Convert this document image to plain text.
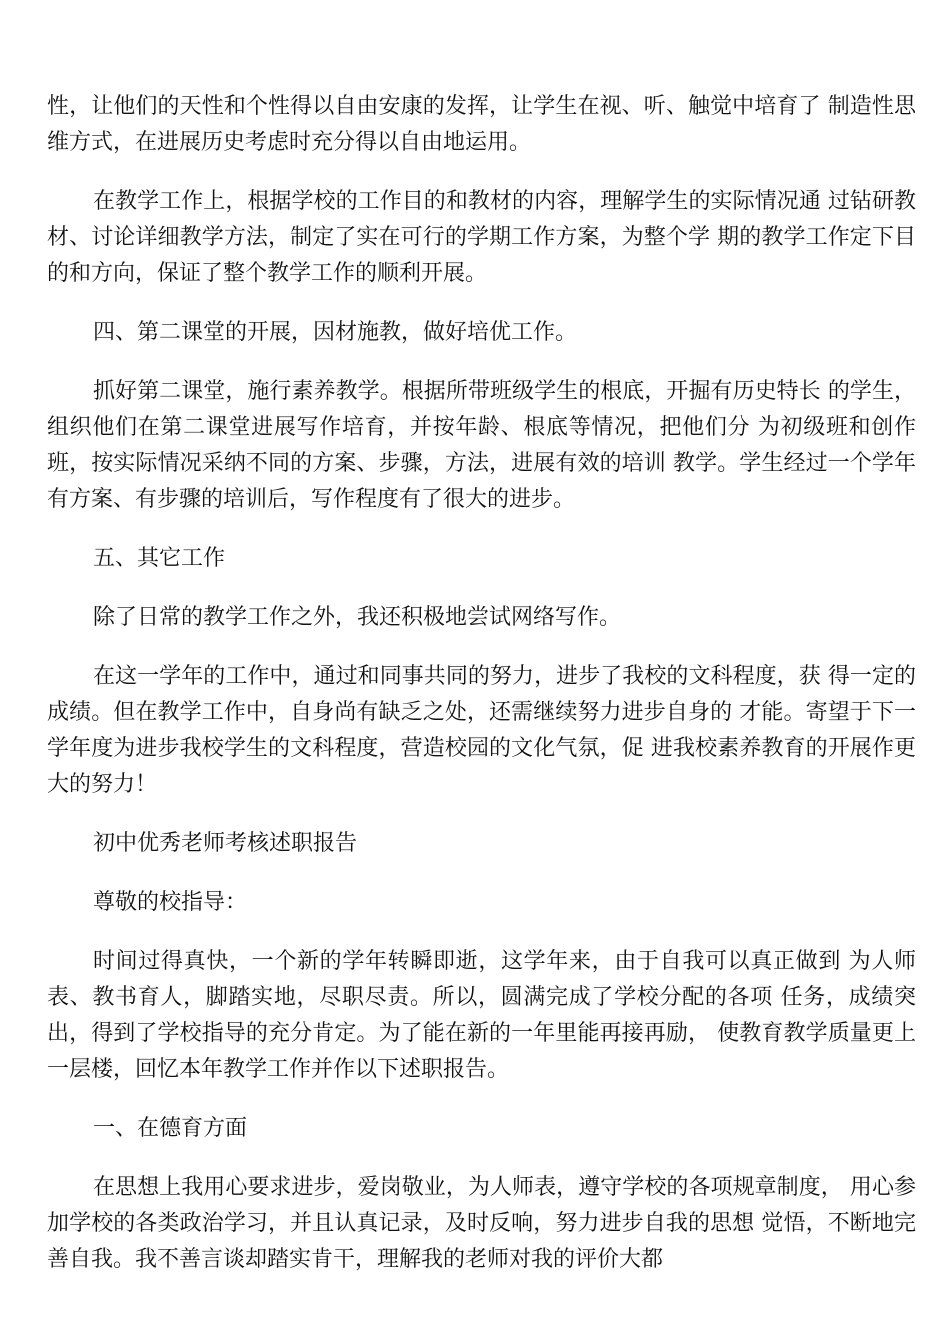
性，让他们的天性和个性得以自由安康的发挥，让学生在视、听、触觉中培育了 制造性思维方式，在进展历史考虑时充分得以自由地运用。

在教学工作上，根据学校的工作目的和教材的内容，理解学生的实际情况通 过钻研教材、讨论详细教学方法，制定了实在可行的学期工作方案，为整个学 期的教学工作定下目的和方向，保证了整个教学工作的顺利开展。

四、第二课堂的开展，因材施教，做好培优工作。

抓好第二课堂，施行素养教学。根据所带班级学生的根底，开掘有历史特长 的学生，组织他们在第二课堂进展写作培育，并按年龄、根底等情况，把他们分 为初级班和创作班，按实际情况采纳不同的方案、步骤，方法，进展有效的培训 教学。学生经过一个学年有方案、有步骤的培训后，写作程度有了很大的进步。

五、其它工作

除了日常的教学工作之外，我还积极地尝试网络写作。

在这一学年的工作中，通过和同事共同的努力，进步了我校的文科程度，获 得一定的成绩。但在教学工作中，自身尚有缺乏之处，还需继续努力进步自身的 才能。寄望于下一学年度为进步我校学生的文科程度，营造校园的文化气氛，促 进我校素养教育的开展作更大的努力！

初中优秀老师考核述职报告

尊敬的校指导：

时间过得真快，一个新的学年转瞬即逝，这学年来，由于自我可以真正做到 为人师表、教书育人，脚踏实地，尽职尽责。所以，圆满完成了学校分配的各项 任务，成绩突出，得到了学校指导的充分肯定。为了能在新的一年里能再接再励， 使教育教学质量更上一层楼，回忆本年教学工作并作以下述职报告。

一、在德育方面

在思想上我用心要求进步，爱岗敬业，为人师表，遵守学校的各项规章制度， 用心参加学校的各类政治学习，并且认真记录，及时反响，努力进步自我的思想 觉悟，不断地完善自我。我不善言谈却踏实肯干，理解我的老师对我的评价大都
